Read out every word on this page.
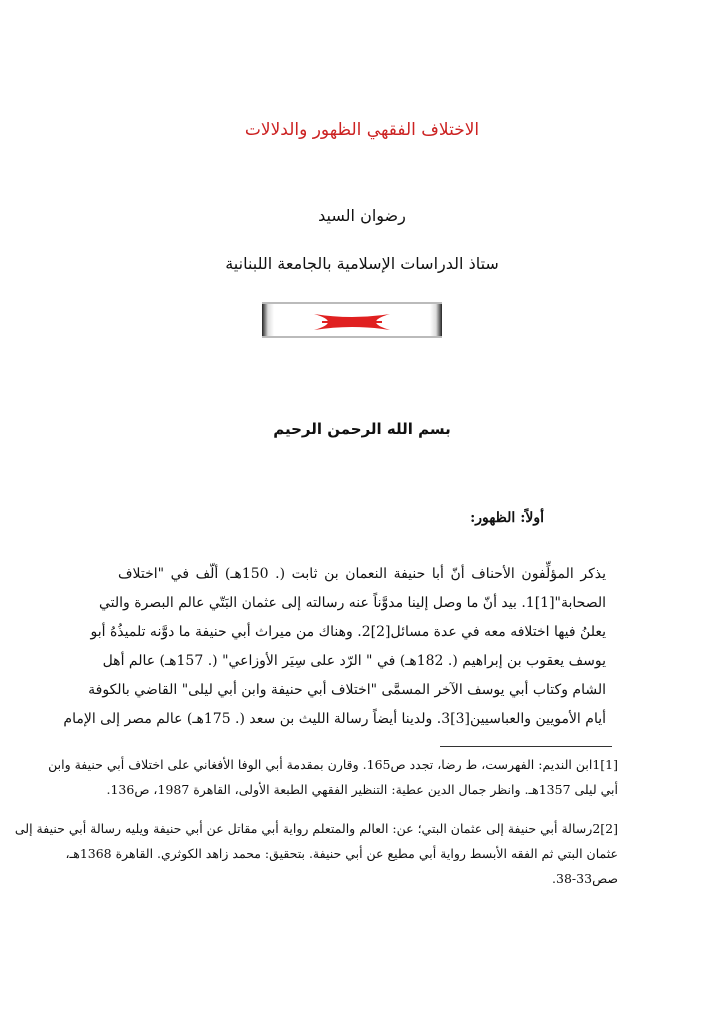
الاختلاف الفقهي الظهور والدلالات
رضوان السيد
ستاذ الدراسات الإسلامية بالجامعة اللبنانية
بسم الله الرحمن الرحيم
أولاً: الظهور:
يذكر المؤلِّفون الأحناف أنّ أبا حنيفة النعمان بن ثابت (. 150هـ) ألّف في "اختلاف
الصحابة"[1]1. بيد أنّ ما وصل إلينا مدوَّناً عنه رسالته إلى عثمان البَتّي عالم البصرة والتي
يعلنُ فيها اختلافه معه في عدة مسائل[2]2. وهناك من ميراث أبي حنيفة ما دوَّنه تلميذُهُ أبو
يوسف يعقوب بن إبراهيم (. 182هـ) في " الرّد على سِيَر الأوزاعي" (. 157هـ) عالم أهل
الشام وكتاب أبي يوسف الآخر المسمَّى "اختلاف أبي حنيفة وابن أبي ليلى" القاضي بالكوفة
أيام الأمويين والعباسيين[3]3. ولدينا أيضاً رسالة الليث بن سعد (. 175هـ) عالم مصر إلى الإمام
[1]1ابن النديم: الفهرست، ط رضا، تجدد ص165. وقارن بمقدمة أبي الوفا الأفغاني على اختلاف أبي حنيفة وابن
أبي ليلى 1357هـ. وانظر جمال الدين عطية: التنظير الفقهي الطبعة الأولى، القاهرة 1987، ص136.
[2]2رسالة أبي حنيفة إلى عثمان البتي؛ عن: العالم والمتعلم رواية أبي مقاتل عن أبي حنيفة ويليه رسالة أبي حنيفة إلى
عثمان البتي ثم الفقه الأبسط رواية أبي مطيع عن أبي حنيفة. بتحقيق: محمد زاهد الكوثري. القاهرة 1368هـ،
صص33-38.
